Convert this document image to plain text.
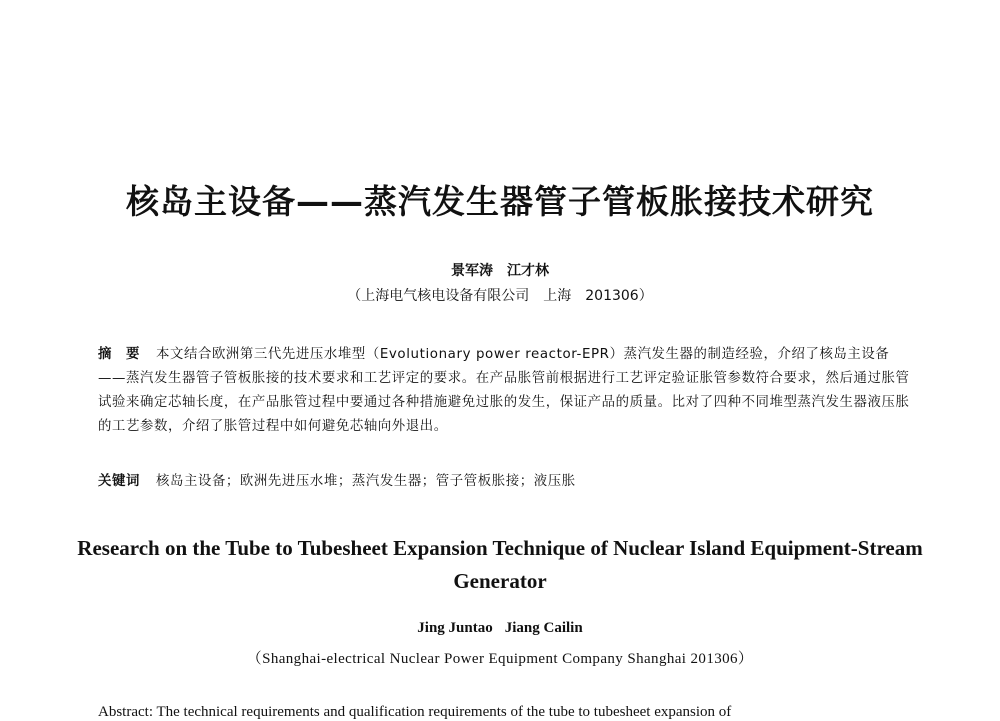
核岛主设备——蒸汽发生器管子管板胀接技术研究
景军涛 江才林
（上海电气核电设备有限公司　上海　201306）
摘　要 本文结合欧洲第三代先进压水堆型（Evolutionary power reactor-EPR）蒸汽发生器的制造经验，介绍了核岛主设备——蒸汽发生器管子管板胀接的技术要求和工艺评定的要求。在产品胀管前根据进行工艺评定验证胀管参数符合要求，然后通过胀管试验来确定芯轴长度，在产品胀管过程中要通过各种措施避免过胀的发生，保证产品的质量。比对了四种不同堆型蒸汽发生器液压胀的工艺参数，介绍了胀管过程中如何避免芯轴向外退出。
关键词 核岛主设备；欧洲先进压水堆；蒸汽发生器；管子管板胀接；液压胀
Research on the Tube to Tubesheet Expansion Technique of Nuclear Island Equipment-Stream Generator
Jing Juntao Jiang Cailin
（Shanghai-electrical Nuclear Power Equipment Company Shanghai 201306）
Abstract: The technical requirements and qualification requirements of the tube to tubesheet expansion of
